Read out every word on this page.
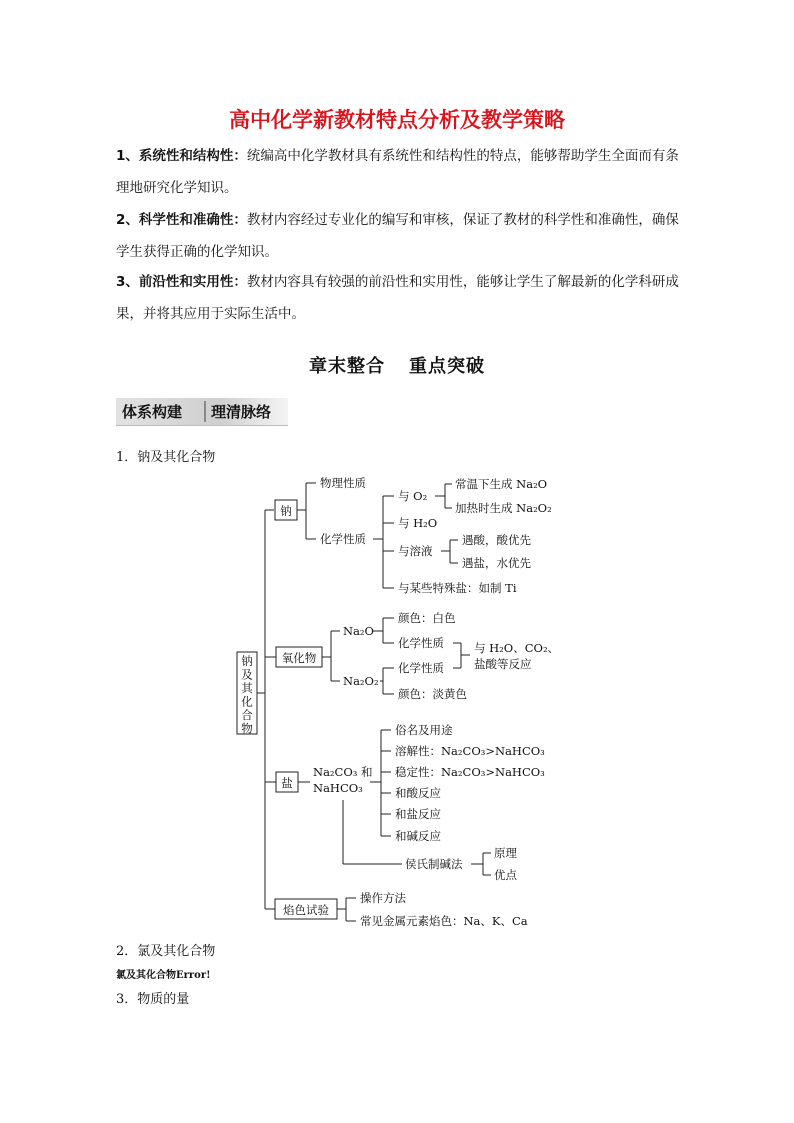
高中化学新教材特点分析及教学策略
1、系统性和结构性：统编高中化学教材具有系统性和结构性的特点，能够帮助学生全面而有条理地研究化学知识。
2、科学性和准确性：教材内容经过专业化的编写和审核，保证了教材的科学性和准确性，确保学生获得正确的化学知识。
3、前沿性和实用性：教材内容具有较强的前沿性和实用性，能够让学生了解最新的化学科研成果，并将其应用于实际生活中。
章末整合 重点突破
体系构建	理清脉络
1．钠及其化合物
钠及其化合物
钠
物理性质
化学性质
与 O₂
常温下生成 Na₂O
加热时生成 Na₂O₂
与 H₂O
与溶液
遇酸，酸优先
遇盐，水优先
与某些特殊盐：如制 Ti
氧化物
Na₂O
Na₂O₂
颜色：白色
化学性质
化学性质
颜色：淡黄色
与 H₂O、CO₂、
盐酸等反应
盐
Na₂CO₃ 和
NaHCO₃
俗名及用途
溶解性：Na₂CO₃>NaHCO₃
稳定性：Na₂CO₃>NaHCO₃
和酸反应
和盐反应
和碱反应
侯氏制碱法
原理
优点
焰色试验
操作方法
常见金属元素焰色：Na、K、Ca
2．氯及其化合物
氯及其化合物Error!
3．物质的量
